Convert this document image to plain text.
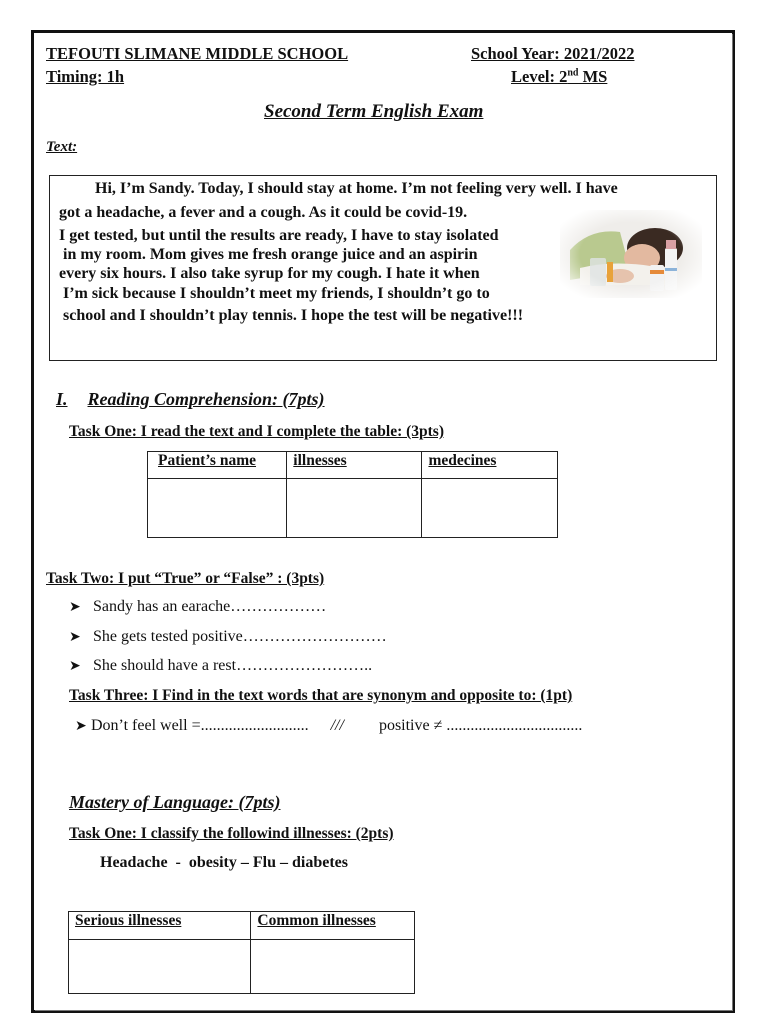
TEFOUTI SLIMANE MIDDLE SCHOOL	School Year: 2021/2022
Timing: 1h	Level: 2nd MS
Second Term English Exam
Text:
Hi, I’m Sandy. Today, I should stay at home. I’m not feeling very well. I have
got a headache, a fever and a cough. As it could be covid-19.
I get tested, but until the results are ready, I have to stay isolated
in my room. Mom gives me fresh orange juice and an aspirin
every six hours. I also take syrup for my cough. I hate it when
I’m sick because I shouldn’t meet my friends, I shouldn’t go to
school and I shouldn’t play tennis. I hope the test will be negative!!!
I. Reading Comprehension: (7pts)
Task One: I read the text and I complete the table: (3pts)
Patient’s name	illnesses	medecines

Task Two: I put “True” or “False” : (3pts)
➤ Sandy has an earache………………
➤ She gets tested positive………………………
➤ She should have a rest……………………..
Task Three: I Find in the text words that are synonym and opposite to: (1pt)
➤ Don’t feel well =........................... /// positive ≠ ..................................
Mastery of Language: (7pts)
Task One: I classify the followind illnesses: (2pts)
Headache  -  obesity – Flu – diabetes
Serious illnesses	Common illnesses
